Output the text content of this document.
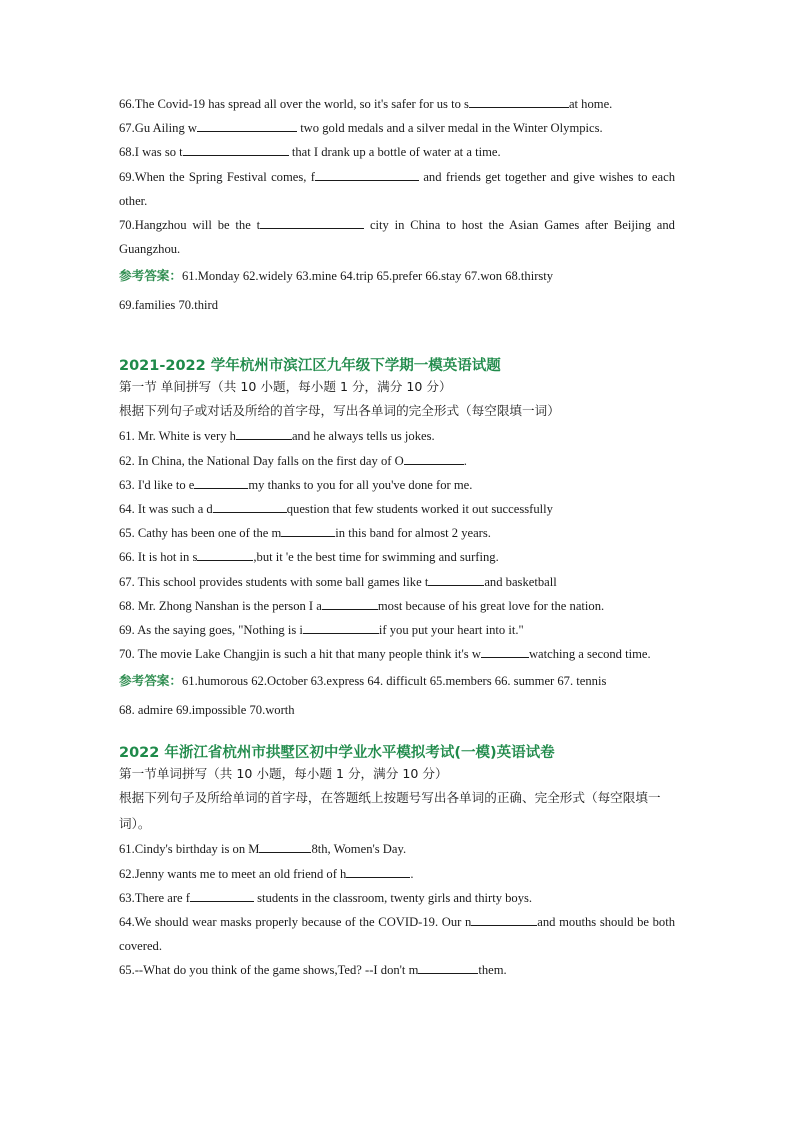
66.The Covid-19 has spread all over the world, so it's safer for us to s	at home.
67.Gu Ailing w	two gold medals and a silver medal in the Winter Olympics.
68.I was so t	that I drank up a bottle of water at a time.
69.When the Spring Festival comes, f	and friends get together and give wishes to each other.
70.Hangzhou will be the t	city in China to host the Asian Games after Beijing and Guangzhou.
参考答案：61.Monday 62.widely 63.mine 64.trip 65.prefer 66.stay 67.won 68.thirsty
69.families 70.third
2021-2022 学年杭州市滨江区九年级下学期一模英语试题
第一节 单间拼写（共 10 小题，每小题 1 分，满分 10 分）
根据下列句子或对话及所给的首字母，写出各单词的完全形式（每空限填一词）
61. Mr. White is very h	and he always tells us jokes.
62. In China, the National Day falls on the first day of O	.
63. I'd like to e	my thanks to you for all you've done for me.
64. It was such a d	question that few students worked it out successfully
65. Cathy has been one of the m	in this band for almost 2 years.
66. It is hot in s	,but it 'e the best time for swimming and surfing.
67. This school provides students with some ball games like t	and basketball
68. Mr. Zhong Nanshan is the person I a	most because of his great love for the nation.
69. As the saying goes, "Nothing is i	if you put your heart into it."
70. The movie Lake Changjin is such a hit that many people think it's w	watching a second time.
参考答案：61.humorous 62.October 63.express 64. difficult 65.members 66. summer 67. tennis
68. admire 69.impossible 70.worth
2022 年浙江省杭州市拱墅区初中学业水平模拟考试(一模)英语试卷
第一节单词拼写（共 10 小题，每小题 1 分，满分 10 分）
根据下列句子及所给单词的首字母，在答题纸上按题号写出各单词的正确、完全形式（每空限填一词）。
61.Cindy's birthday is on M	8th, Women's Day.
62.Jenny wants me to meet an old friend of h	.
63.There are f	students in the classroom, twenty girls and thirty boys.
64.We should wear masks properly because of the COVID-19. Our n	and mouths should be both covered.
65.--What do you think of the game shows,Ted? --I don't m	them.
